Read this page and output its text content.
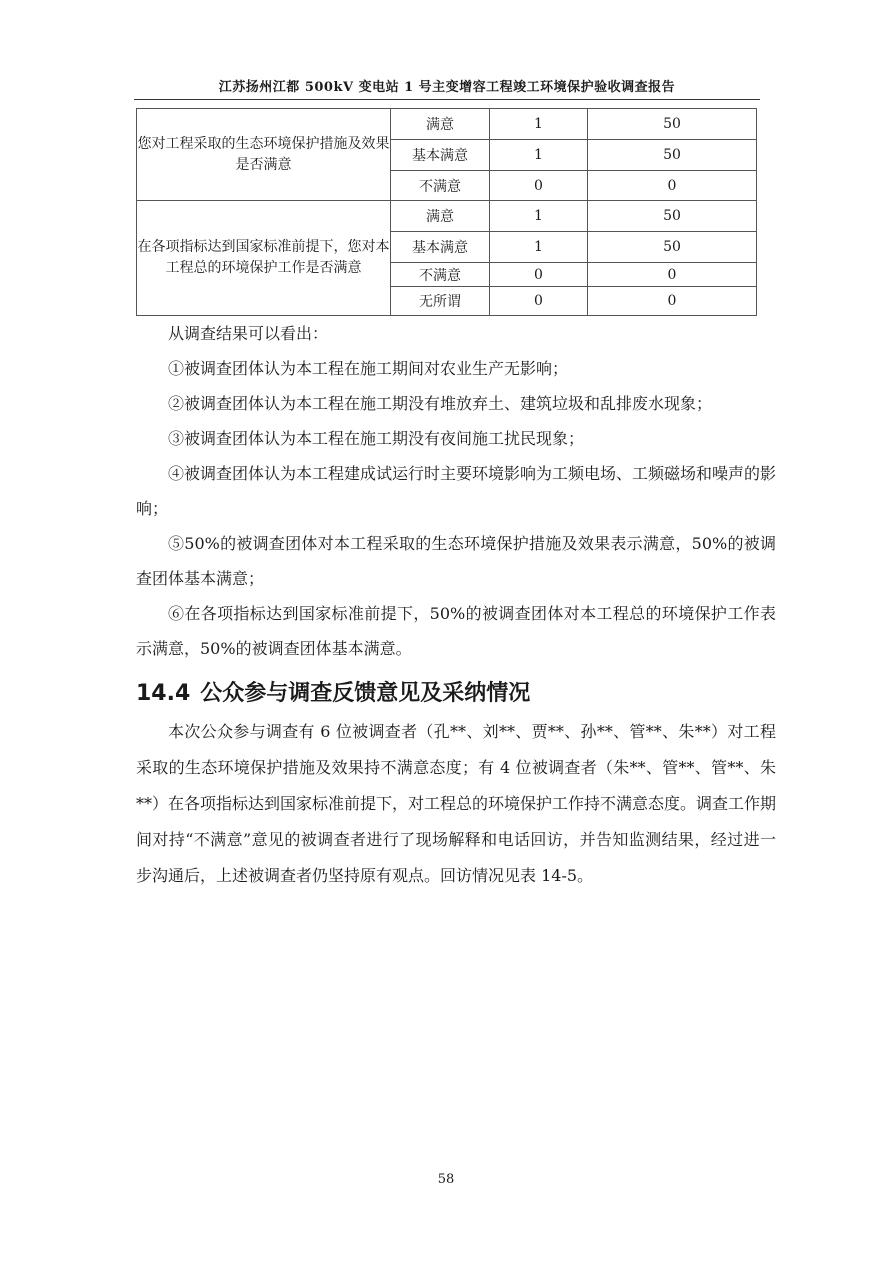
江苏扬州江都 500kV 变电站 1 号主变增容工程竣工环境保护验收调查报告
您对工程采取的生态环境保护措施及效果是否满意	满意	1	50
	基本满意	1	50
	不满意	0	0
在各项指标达到国家标准前提下，您对本工程总的环境保护工作是否满意	满意	1	50
	基本满意	1	50
	不满意	0	0
	无所谓	0	0
从调查结果可以看出：
①被调查团体认为本工程在施工期间对农业生产无影响；
②被调查团体认为本工程在施工期没有堆放弃土、建筑垃圾和乱排废水现象；
③被调查团体认为本工程在施工期没有夜间施工扰民现象；
④被调查团体认为本工程建成试运行时主要环境影响为工频电场、工频磁场和噪声的影响；
⑤50%的被调查团体对本工程采取的生态环境保护措施及效果表示满意，50%的被调查团体基本满意；
⑥在各项指标达到国家标准前提下，50%的被调查团体对本工程总的环境保护工作表示满意，50%的被调查团体基本满意。
14.4 公众参与调查反馈意见及采纳情况
本次公众参与调查有 6 位被调查者（孔**、刘**、贾**、孙**、管**、朱**）对工程采取的生态环境保护措施及效果持不满意态度；有 4 位被调查者（朱**、管**、管**、朱**）在各项指标达到国家标准前提下，对工程总的环境保护工作持不满意态度。调查工作期间对持“不满意”意见的被调查者进行了现场解释和电话回访，并告知监测结果，经过进一步沟通后，上述被调查者仍坚持原有观点。回访情况见表 14-5。
58
